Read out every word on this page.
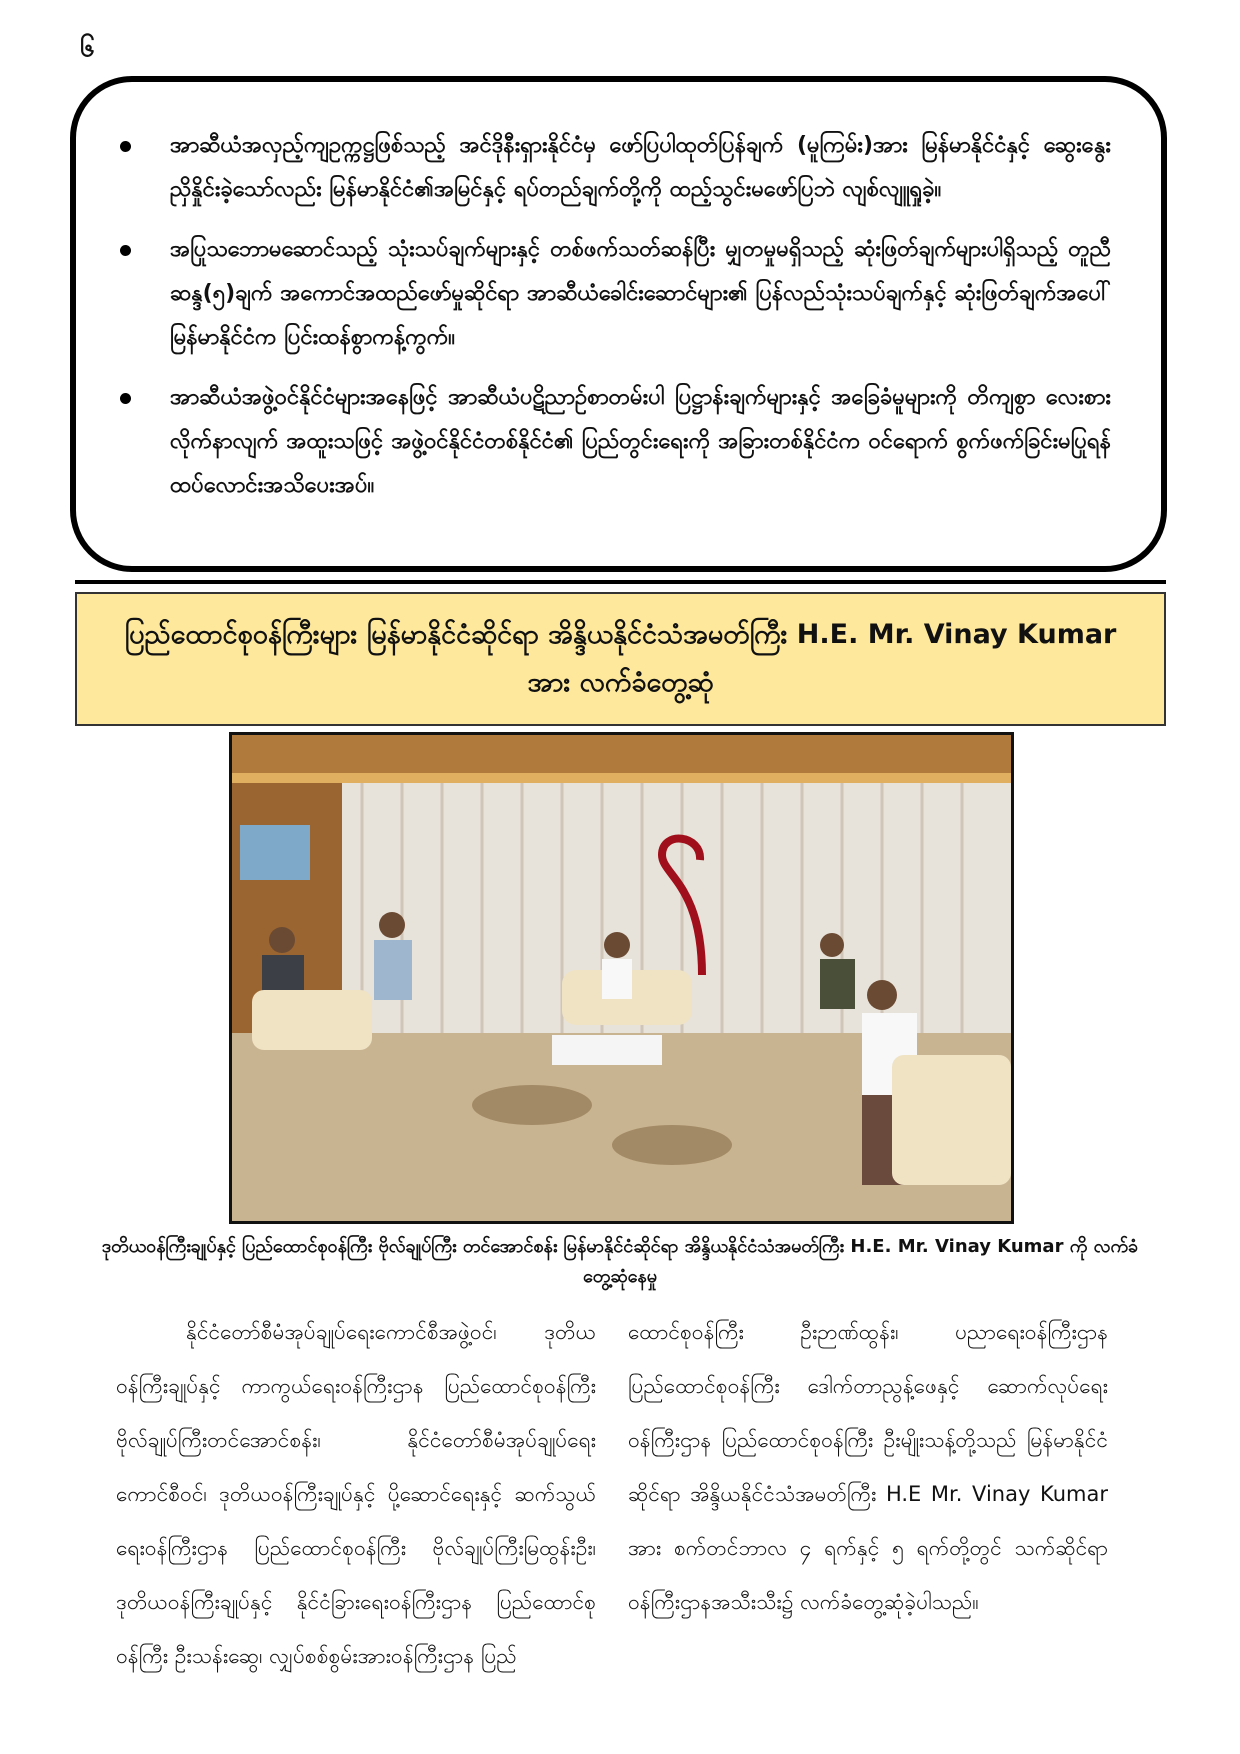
၆
အာဆီယံအလှည့်ကျဥက္ကဋ္ဌဖြစ်သည့် အင်ဒိုနီးရှားနိုင်ငံမှ ဖော်ပြပါထုတ်ပြန်ချက် (မူကြမ်း)အား မြန်မာနိုင်ငံနှင့် ဆွေးနွေးညှိနှိုင်းခဲ့သော်လည်း မြန်မာနိုင်ငံ၏အမြင်နှင့် ရပ်တည်ချက်တို့ကို ထည့်သွင်းမဖော်ပြဘဲ လျစ်လျူရှုခဲ့။
အပြုသဘောမဆောင်သည့် သုံးသပ်ချက်များနှင့် တစ်ဖက်သတ်ဆန်ပြီး မျှတမှုမရှိသည့် ဆုံးဖြတ်ချက်များပါရှိသည့် တူညီဆန္ဒ(၅)ချက် အကောင်အထည်ဖော်မှုဆိုင်ရာ အာဆီယံခေါင်းဆောင်များ၏ ပြန်လည်သုံးသပ်ချက်နှင့် ဆုံးဖြတ်ချက်အပေါ် မြန်မာနိုင်ငံက ပြင်းထန်စွာကန့်ကွက်။
အာဆီယံအဖွဲ့ဝင်နိုင်ငံများအနေဖြင့် အာဆီယံပဋိညာဉ်စာတမ်းပါ ပြဋ္ဌာန်းချက်များနှင့် အခြေခံမူများကို တိကျစွာ လေးစားလိုက်နာလျက် အထူးသဖြင့် အဖွဲ့ဝင်နိုင်ငံတစ်နိုင်ငံ၏ ပြည်တွင်းရေးကို အခြားတစ်နိုင်ငံက ဝင်ရောက် စွက်ဖက်ခြင်းမပြုရန် ထပ်လောင်းအသိပေးအပ်။
ပြည်ထောင်စုဝန်ကြီးများ မြန်မာနိုင်ငံဆိုင်ရာ အိန္ဒိယနိုင်ငံသံအမတ်ကြီး H.E. Mr. Vinay Kumar အား လက်ခံတွေ့ဆုံ
ဒုတိယဝန်ကြီးချုပ်နှင့် ပြည်ထောင်စုဝန်ကြီး ဗိုလ်ချုပ်ကြီး တင်အောင်စန်း မြန်မာနိုင်ငံဆိုင်ရာ အိန္ဒိယနိုင်ငံသံအမတ်ကြီး H.E. Mr. Vinay Kumar ကို လက်ခံတွေ့ဆုံနေမှု
နိုင်ငံတော်စီမံအုပ်ချုပ်ရေးကောင်စီအဖွဲ့ဝင်၊ ဒုတိယဝန်ကြီးချုပ်နှင့် ကာကွယ်ရေးဝန်ကြီးဌာန ပြည်ထောင်စုဝန်ကြီး ဗိုလ်ချုပ်ကြီးတင်အောင်စန်း၊ နိုင်ငံတော်စီမံအုပ်ချုပ်ရေးကောင်စီဝင်၊ ဒုတိယဝန်ကြီးချုပ်နှင့် ပို့ဆောင်ရေးနှင့် ဆက်သွယ်ရေးဝန်ကြီးဌာန ပြည်ထောင်စုဝန်ကြီး ဗိုလ်ချုပ်ကြီးမြထွန်းဦး၊ ဒုတိယဝန်ကြီးချုပ်နှင့် နိုင်ငံခြားရေးဝန်ကြီးဌာန ပြည်ထောင်စုဝန်ကြီး ဦးသန်းဆွေ၊ လျှပ်စစ်စွမ်းအားဝန်ကြီးဌာန ပြည်
ထောင်စုဝန်ကြီး ဦးဉာဏ်ထွန်း၊ ပညာရေးဝန်ကြီးဌာန ပြည်ထောင်စုဝန်ကြီး ဒေါက်တာညွန့်ဖေနှင့် ဆောက်လုပ်ရေးဝန်ကြီးဌာန ပြည်ထောင်စုဝန်ကြီး ဦးမျိုးသန့်တို့သည် မြန်မာနိုင်ငံဆိုင်ရာ အိန္ဒိယနိုင်ငံသံအမတ်ကြီး H.E Mr. Vinay Kumar အား စက်တင်ဘာလ ၄ ရက်နှင့် ၅ ရက်တို့တွင် သက်ဆိုင်ရာဝန်ကြီးဌာနအသီးသီး၌ လက်ခံတွေ့ဆုံခဲ့ပါသည်။
